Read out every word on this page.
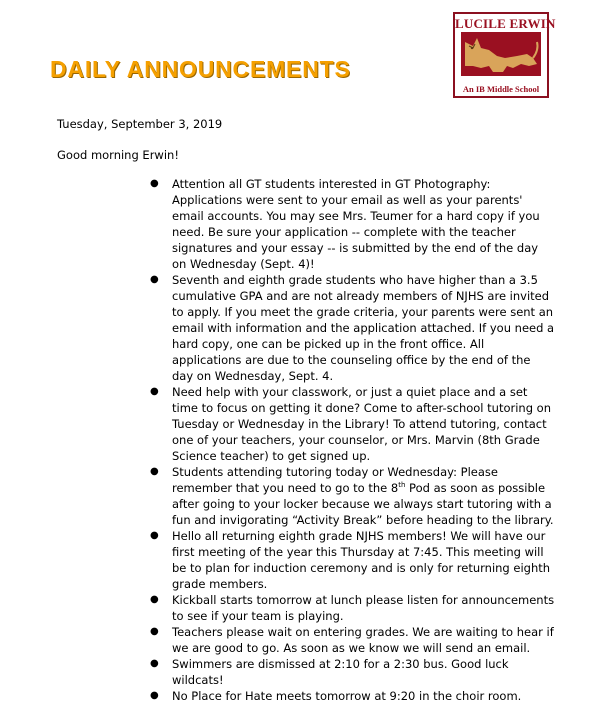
DAILY ANNOUNCEMENTS
LUCILE ERWIN
"We Know the Wildcat Way"
An IB Middle School
Tuesday, September 3, 2019
Good morning Erwin!
● Attention all GT students interested in GT Photography: Applications were sent to your email as well as your parents' email accounts. You may see Mrs. Teumer for a hard copy if you need. Be sure your application -- complete with the teacher signatures and your essay -- is submitted by the end of the day on Wednesday (Sept. 4)!
● Seventh and eighth grade students who have higher than a 3.5 cumulative GPA and are not already members of NJHS are invited to apply. If you meet the grade criteria, your parents were sent an email with information and the application attached. If you need a hard copy, one can be picked up in the front office. All applications are due to the counseling office by the end of the day on Wednesday, Sept. 4.
● Need help with your classwork, or just a quiet place and a set time to focus on getting it done? Come to after-school tutoring on Tuesday or Wednesday in the Library! To attend tutoring, contact one of your teachers, your counselor, or Mrs. Marvin (8th Grade Science teacher) to get signed up.
● Students attending tutoring today or Wednesday: Please remember that you need to go to the 8th Pod as soon as possible after going to your locker because we always start tutoring with a fun and invigorating “Activity Break” before heading to the library.
● Hello all returning eighth grade NJHS members! We will have our first meeting of the year this Thursday at 7:45. This meeting will be to plan for induction ceremony and is only for returning eighth grade members.
● Kickball starts tomorrow at lunch please listen for announcements to see if your team is playing.
● Teachers please wait on entering grades. We are waiting to hear if we are good to go. As soon as we know we will send an email.
● Swimmers are dismissed at 2:10 for a 2:30 bus. Good luck wildcats!
● No Place for Hate meets tomorrow at 9:20 in the choir room.
